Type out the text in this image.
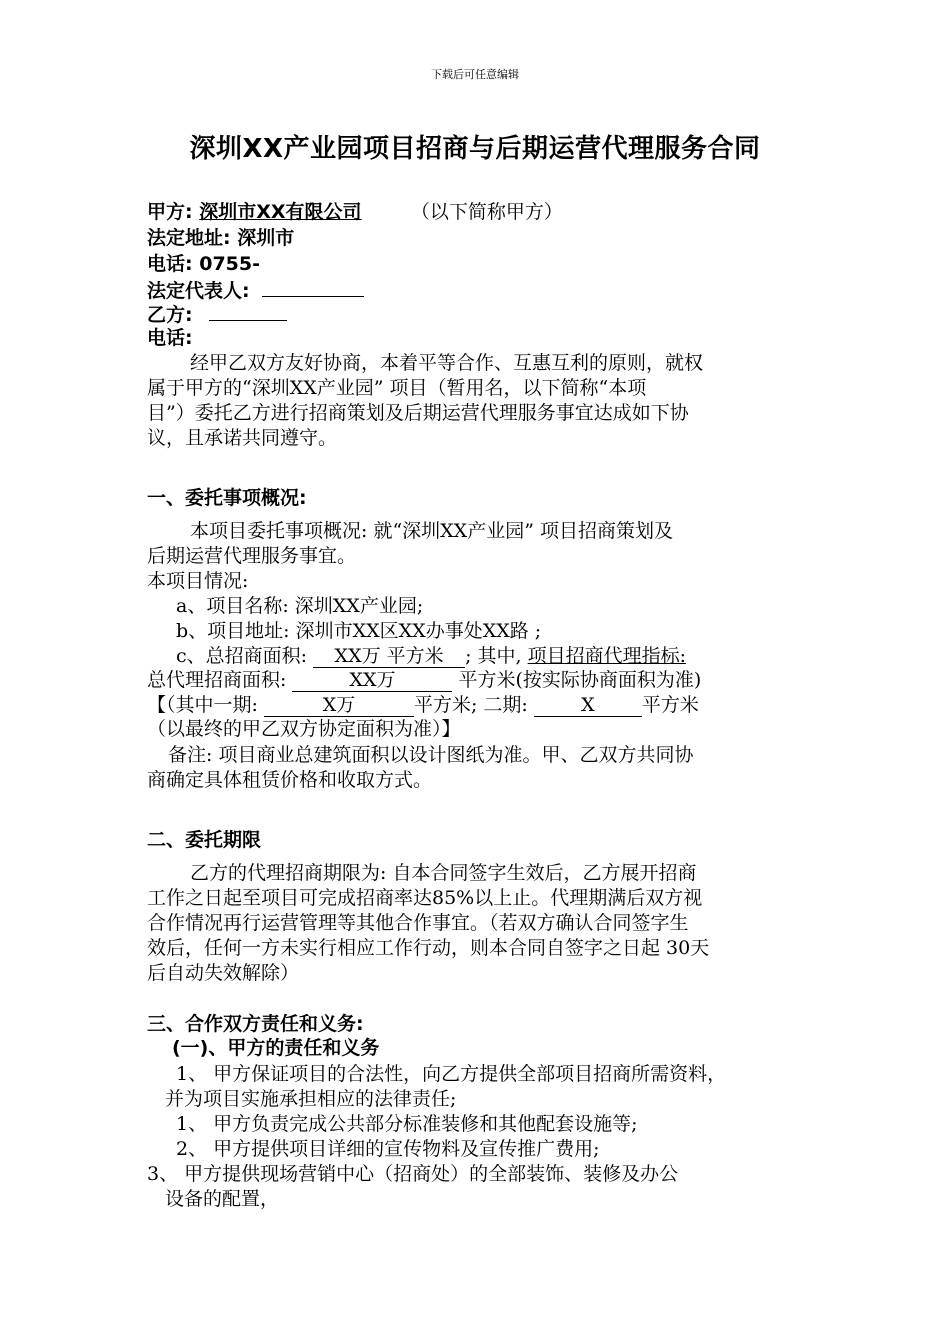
下载后可任意编辑
深圳XX产业园项目招商与后期运营代理服务合同
甲方: 深圳市XX有限公司	（以下简称甲方）
法定地址: 深圳市
电话: 0755-
法定代表人:
乙方:
电话:
经甲乙双方友好协商，本着平等合作、互惠互利的原则，就权
属于甲方的“深圳XX产业园” 项目（暂用名，以下简称“本项
目”）委托乙方进行招商策划及后期运营代理服务事宜达成如下协
议，且承诺共同遵守。
一、委托事项概况:
本项目委托事项概况: 就“深圳XX产业园” 项目招商策划及
后期运营代理服务事宜。
本项目情况:
a、项目名称: 深圳XX产业园;
b、项目地址: 深圳市XX区XX办事处XX路 ;
c、总招商面积: XX万 平方米 ; 其中, 项目招商代理指标:
总代理招商面积:	XX万	平方米(按实际协商面积为准)
【（其中一期:	X万	平方米; 二期:	X 平方米
（以最终的甲乙双方协定面积为准）】
备注: 项目商业总建筑面积以设计图纸为准。甲、乙双方共同协
商确定具体租赁价格和收取方式。
二、委托期限
乙方的代理招商期限为: 自本合同签字生效后，乙方展开招商
工作之日起至项目可完成招商率达85%以上止。代理期满后双方视
合作情况再行运营管理等其他合作事宜。（若双方确认合同签字生
效后，任何一方未实行相应工作行动，则本合同自签字之日起 30天
后自动失效解除）
三、合作双方责任和义务:
(一)、甲方的责任和义务
1、 甲方保证项目的合法性，向乙方提供全部项目招商所需资料，
并为项目实施承担相应的法律责任;
1、 甲方负责完成公共部分标准装修和其他配套设施等;
2、 甲方提供项目详细的宣传物料及宣传推广费用;
3、 甲方提供现场营销中心（招商处）的全部装饰、装修及办公
设备的配置，
